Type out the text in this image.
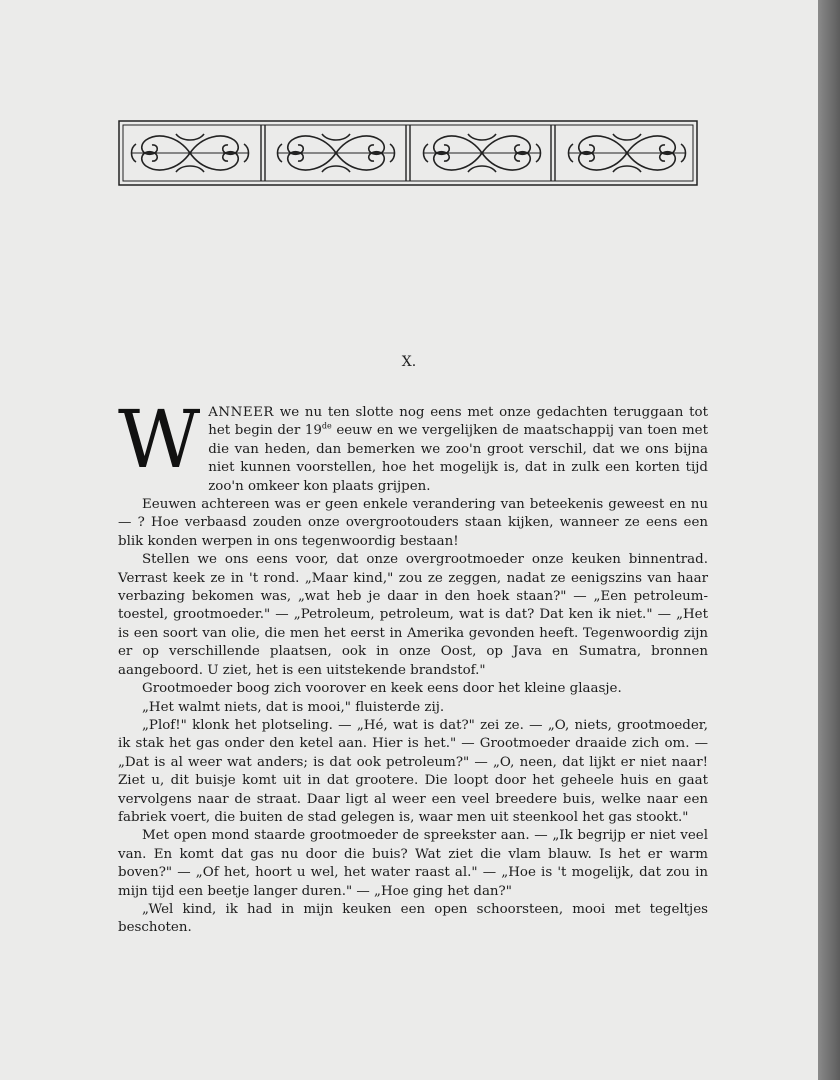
X.

WANNEER we nu ten slotte nog eens met onze gedachten teruggaan tot het begin der 19de eeuw en we vergelijken de maatschappij van toen met die van heden, dan bemerken we zoo'n groot verschil, dat we ons bijna niet kunnen voorstellen, hoe het mogelijk is, dat in zulk een korten tijd zoo'n omkeer kon plaats grijpen.

Eeuwen achtereen was er geen enkele verandering van beteekenis geweest en nu — ? Hoe verbaasd zouden onze overgrootouders staan kijken, wanneer ze eens een blik konden werpen in ons tegenwoordig bestaan!

Stellen we ons eens voor, dat onze overgrootmoeder onze keuken binnentrad. Verrast keek ze in 't rond. „Maar kind," zou ze zeggen, nadat ze eenigszins van haar verbazing bekomen was, „wat heb je daar in den hoek staan?" — „Een petroleum-toestel, grootmoeder." — „Petroleum, petroleum, wat is dat? Dat ken ik niet." — „Het is een soort van olie, die men het eerst in Amerika gevonden heeft. Tegenwoordig zijn er op verschillende plaatsen, ook in onze Oost, op Java en Sumatra, bronnen aangeboord. U ziet, het is een uitstekende brandstof."

Grootmoeder boog zich voorover en keek eens door het kleine glaasje.

„Het walmt niets, dat is mooi," fluisterde zij.

„Plof!" klonk het plotseling. — „Hé, wat is dat?" zei ze. — „O, niets, grootmoeder, ik stak het gas onder den ketel aan. Hier is het." — Grootmoeder draaide zich om. — „Dat is al weer wat anders; is dat ook petroleum?" — „O, neen, dat lijkt er niet naar! Ziet u, dit buisje komt uit in dat grootere. Die loopt door het geheele huis en gaat vervolgens naar de straat. Daar ligt al weer een veel breedere buis, welke naar een fabriek voert, die buiten de stad gelegen is, waar men uit steenkool het gas stookt."

Met open mond staarde grootmoeder de spreekster aan. — „Ik begrijp er niet veel van. En komt dat gas nu door die buis? Wat ziet die vlam blauw. Is het er warm boven?" — „Of het, hoort u wel, het water raast al." — „Hoe is 't mogelijk, dat zou in mijn tijd een beetje langer duren." — „Hoe ging het dan?"

„Wel kind, ik had in mijn keuken een open schoorsteen, mooi met tegeltjes beschoten.
